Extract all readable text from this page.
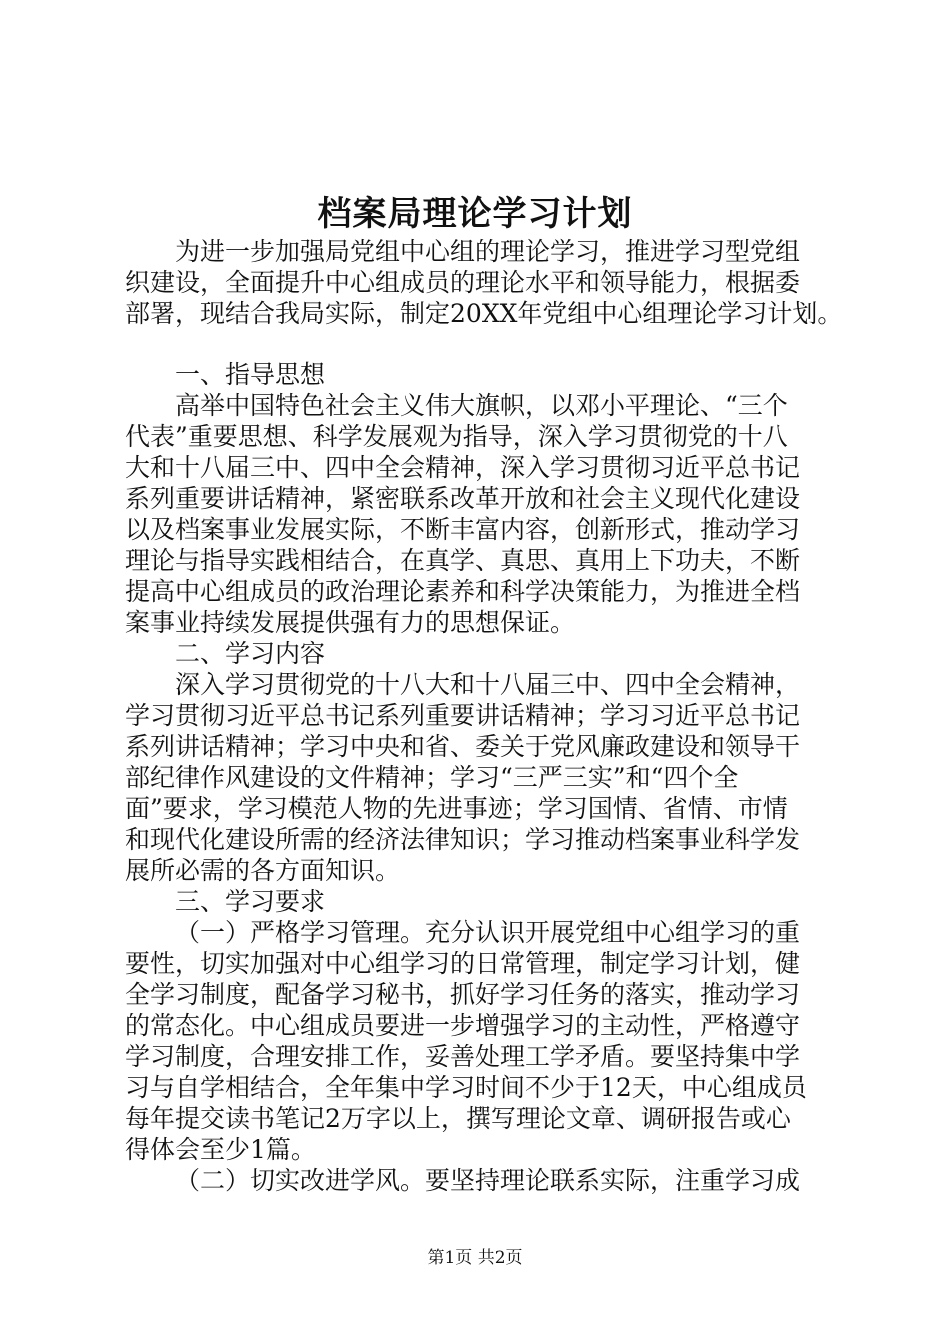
档案局理论学习计划
为进一步加强局党组中心组的理论学习，推进学习型党组
织建设，全面提升中心组成员的理论水平和领导能力，根据委
部署，现结合我局实际，制定20XX年党组中心组理论学习计划。
一、指导思想
高举中国特色社会主义伟大旗帜，以邓小平理论、“三个
代表”重要思想、科学发展观为指导，深入学习贯彻党的十八
大和十八届三中、四中全会精神，深入学习贯彻习近平总书记
系列重要讲话精神，紧密联系改革开放和社会主义现代化建设
以及档案事业发展实际，不断丰富内容，创新形式，推动学习
理论与指导实践相结合，在真学、真思、真用上下功夫，不断
提高中心组成员的政治理论素养和科学决策能力，为推进全档
案事业持续发展提供强有力的思想保证。
二、学习内容
深入学习贯彻党的十八大和十八届三中、四中全会精神，
学习贯彻习近平总书记系列重要讲话精神；学习习近平总书记
系列讲话精神；学习中央和省、委关于党风廉政建设和领导干
部纪律作风建设的文件精神；学习“三严三实”和“四个全
面”要求，学习模范人物的先进事迹；学习国情、省情、市情
和现代化建设所需的经济法律知识；学习推动档案事业科学发
展所必需的各方面知识。
三、学习要求
（一）严格学习管理。充分认识开展党组中心组学习的重
要性，切实加强对中心组学习的日常管理，制定学习计划，健
全学习制度，配备学习秘书，抓好学习任务的落实，推动学习
的常态化。中心组成员要进一步增强学习的主动性，严格遵守
学习制度，合理安排工作，妥善处理工学矛盾。要坚持集中学
习与自学相结合，全年集中学习时间不少于12天，中心组成员
每年提交读书笔记2万字以上，撰写理论文章、调研报告或心
得体会至少1篇。
（二）切实改进学风。要坚持理论联系实际，注重学习成
第1页 共2页
